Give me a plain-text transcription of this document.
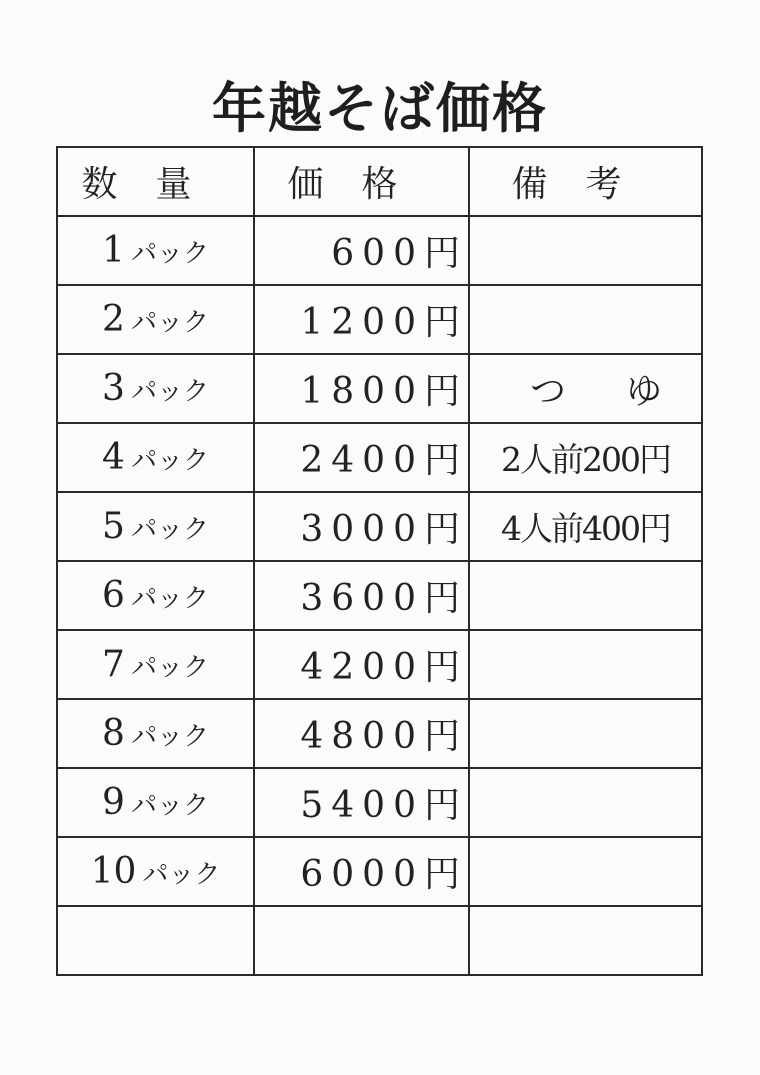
年越そば価格
数量	価格	備考
1 パック	600円	
2 パック	1200円	
3 パック	1800円	つゆ
4 パック	2400円	2人前200円
5 パック	3000円	4人前400円
6 パック	3600円	
7 パック	4200円	
8 パック	4800円	
9 パック	5400円	
10 パック	6000円	
